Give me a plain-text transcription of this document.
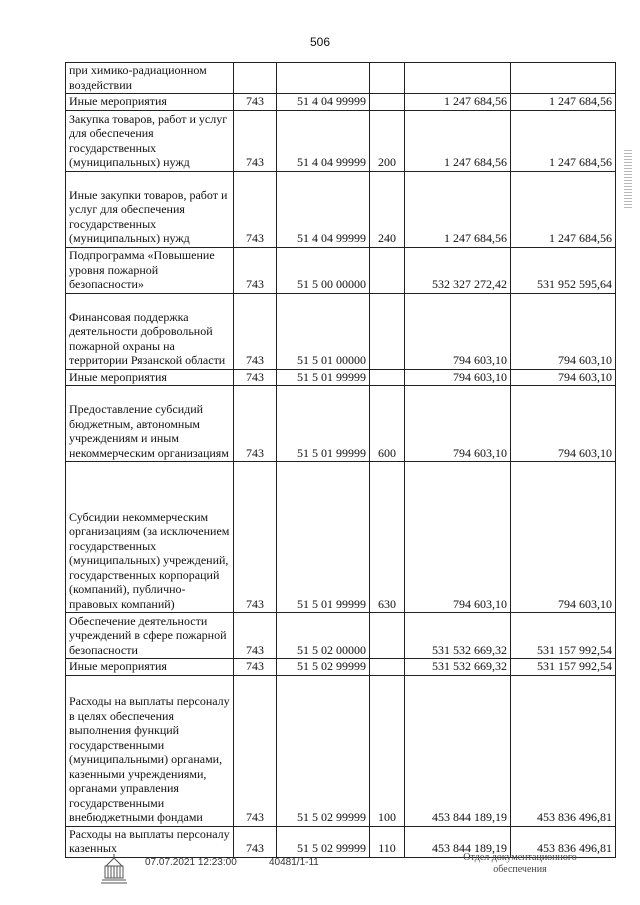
506
при химико-радиационном воздействии					
Иные мероприятия	743	51 4 04 99999		1 247 684,56	1 247 684,56
Закупка товаров, работ и услуг для обеспечения государственных (муниципальных) нужд	743	51 4 04 99999	200	1 247 684,56	1 247 684,56
Иные закупки товаров, работ и услуг для обеспечения государственных (муниципальных) нужд	743	51 4 04 99999	240	1 247 684,56	1 247 684,56
Подпрограмма «Повышение уровня пожарной безопасности»	743	51 5 00 00000		532 327 272,42	531 952 595,64
Финансовая поддержка деятельности добровольной пожарной охраны на территории Рязанской области	743	51 5 01 00000		794 603,10	794 603,10
Иные мероприятия	743	51 5 01 99999		794 603,10	794 603,10
Предоставление субсидий бюджетным, автономным учреждениям и иным некоммерческим организациям	743	51 5 01 99999	600	794 603,10	794 603,10
Субсидии некоммерческим организациям (за исключением государственных (муниципальных) учреждений, государственных корпораций (компаний), публично-правовых компаний)	743	51 5 01 99999	630	794 603,10	794 603,10
Обеспечение деятельности учреждений в сфере пожарной безопасности	743	51 5 02 00000		531 532 669,32	531 157 992,54
Иные мероприятия	743	51 5 02 99999		531 532 669,32	531 157 992,54
Расходы на выплаты персоналу в целях обеспечения выполнения функций государственными (муниципальными) органами, казенными учреждениями, органами управления государственными внебюджетными фондами	743	51 5 02 99999	100	453 844 189,19	453 836 496,81
Расходы на выплаты персоналу казенных	743	51 5 02 99999	110	453 844 189,19	453 836 496,81
07.07.2021 12:23:00	40481/1-11	Отдел документационного обеспечения
